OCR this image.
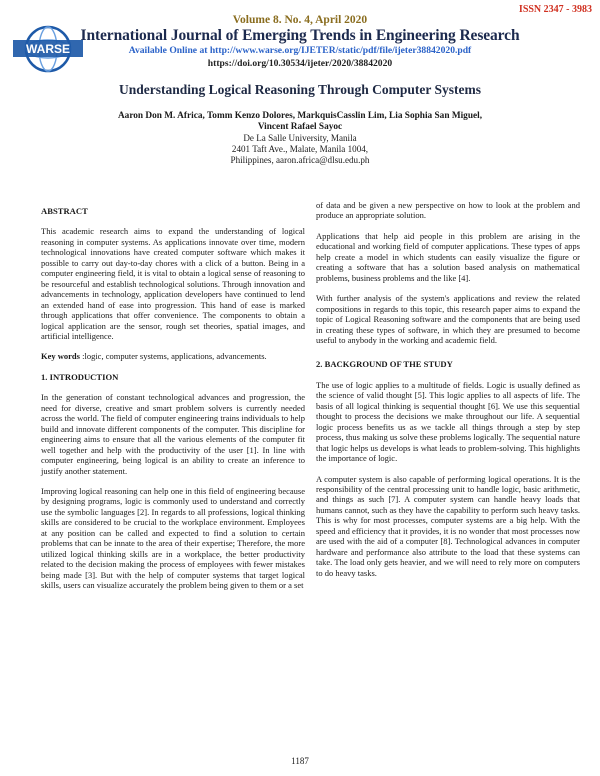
ISSN 2347 - 3983
WARSE
Volume 8. No. 4, April 2020
International Journal of Emerging Trends in Engineering Research
Available Online at http://www.warse.org/IJETER/static/pdf/file/ijeter38842020.pdf
https://doi.org/10.30534/ijeter/2020/38842020
Understanding Logical Reasoning Through Computer Systems
Aaron Don M. Africa, Tomm Kenzo Dolores, MarkquisCasslin Lim, Lia Sophia San Miguel,
Vincent Rafael Sayoc
De La Salle University, Manila
2401 Taft Ave., Malate, Manila 1004,
Philippines, aaron.africa@dlsu.edu.ph
ABSTRACT

This academic research aims to expand the understanding of logical reasoning in computer systems. As applications innovate over time, modern technological innovations have created computer software which makes it possible to carry out day-to-day chores with a click of a button. Being in a computer engineering field, it is vital to obtain a logical sense of reasoning to be resourceful and establish technological solutions. Through innovation and advancements in technology, application developers have continued to lend an extended hand of ease into progression. This hand of ease is marked through applications that offer convenience. The components to obtain a logical application are the sensor, rough set theories, spatial images, and artificial intelligence.

Key words :logic, computer systems, applications, advancements.

1. INTRODUCTION

In the generation of constant technological advances and progression, the need for diverse, creative and smart problem solvers is currently needed across the world. The field of computer engineering trains individuals to help build and innovate different components of the computer. This discipline for engineering aims to ensure that all the various elements of the computer fit well together and help with the productivity of the user [1]. In line with computer engineering, being logical is an ability to create an inference to justify another statement.

Improving logical reasoning can help one in this field of engineering because by designing programs, logic is commonly used to understand and correctly use the symbolic languages [2]. In regards to all professions, logical thinking skills are considered to be crucial to the workplace environment. Employees at any position can be called and expected to find a solution to certain problems that can be innate to the area of their expertise; Therefore, the more utilized logical thinking skills are in a workplace, the better productivity related to the decision making the process of employees with fewer mistakes being made [3]. But with the help of computer systems that target logical skills, users can visualize accurately the problem being given to them or a set

of data and be given a new perspective on how to look at the problem and produce an appropriate solution.

Applications that help aid people in this problem are arising in the educational and working field of computer applications. These types of apps help create a model in which students can easily visualize the figure or creating a software that has a solution based analysis on mathematical problems, business problems and the like [4].

With further analysis of the system's applications and review the related compositions in regards to this topic, this research paper aims to expand the topic of Logical Reasoning software and the components that are being used in creating these types of software, in which they are presumed to become useful to anybody in the working and academic field.

2. BACKGROUND OF THE STUDY

The use of logic applies to a multitude of fields. Logic is usually defined as the science of valid thought [5]. This logic applies to all aspects of life. The basis of all logical thinking is sequential thought [6]. We use this sequential thought to process the decisions we make throughout our life. A sequential logic process benefits us as we tackle all things through a step by step process, thus making us solve these problems logically. The sequential nature that logic helps us develops is what leads to problem-solving. This highlights the importance of logic.

A computer system is also capable of performing logical operations. It is the responsibility of the central processing unit to handle logic, basic arithmetic, and things as such [7]. A computer system can handle heavy loads that humans cannot, such as they have the capability to perform such heavy tasks. This is why for most processes, computer systems are a big help. With the speed and efficiency that it provides, it is no wonder that most processes now are used with the aid of a computer [8]. Technological advances in computer hardware and performance also attribute to the load that these systems can take. The load only gets heavier, and we will need to rely more on computers to do heavy tasks.

1187
